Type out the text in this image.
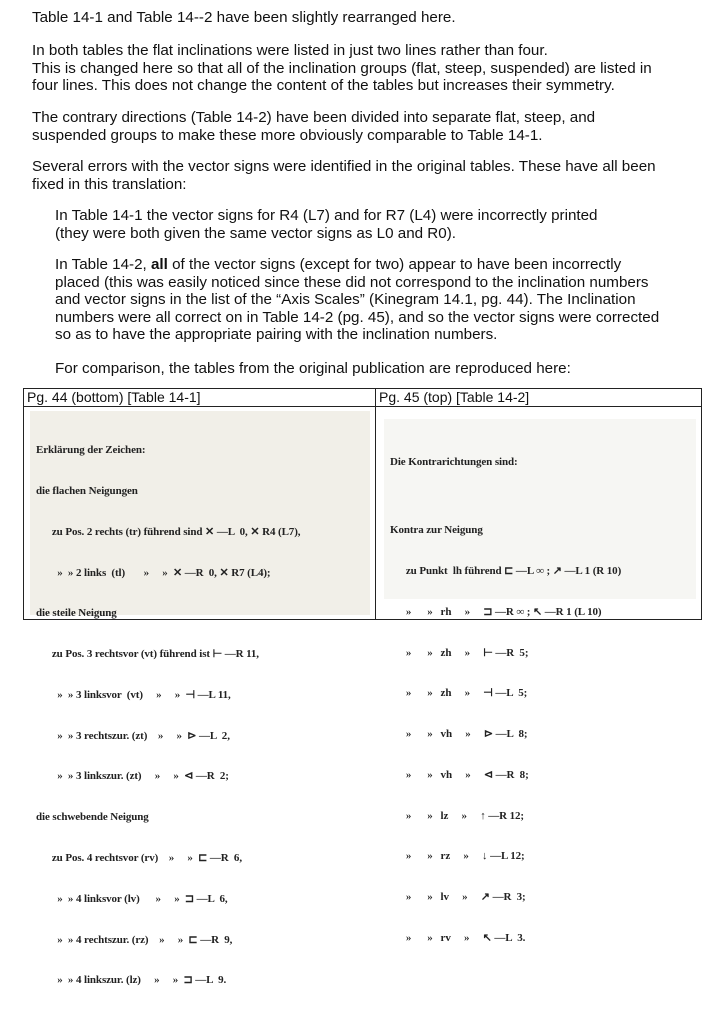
Table 14-1 and Table 14--2 have been slightly rearranged here.
In both tables the flat inclinations were listed in just two lines rather than four.
This is changed here so that all of the inclination groups (flat, steep, suspended) are listed in
four lines. This does not change the content of the tables but increases their symmetry.
The contrary directions (Table 14-2) have been divided into separate flat, steep, and
suspended groups to make these more obviously comparable to Table 14-1.
Several errors with the vector signs were identified in the original tables. These have all been
fixed in this translation:
In Table 14-1 the vector signs for R4 (L7) and for R7 (L4) were incorrectly printed
(they were both given the same vector signs as L0 and R0).
In Table 14-2, all of the vector signs (except for two) appear to have been incorrectly
placed (this was easily noticed since these did not correspond to the inclination numbers
and vector signs in the list of the “Axis Scales” (Kinegram 14.1, pg. 44). The Inclination
numbers were all correct on in Table 14-2 (pg. 45), and so the vector signs were corrected
so as to have the appropriate pairing with the inclination numbers.
For comparison, the tables from the original publication are reproduced here:
Pg. 44 (bottom) [Table 14-1]

Erklärung der Zeichen:

die flachen Neigungen

zu Pos. 2 rechts (tr) führend sind ✕ —L  0, ✕ R4 (L7),

»  » 2 links  (tl)       »     »  ✕ —R  0, ✕ R7 (L4);

die steile Neigung

zu Pos. 3 rechtsvor (vt) führend ist ⊢ —R 11,

»  » 3 linksvor  (vt)     »     »  ⊣ —L 11,

»  » 3 rechtszur. (zt)    »     »  ⊳ —L  2,

»  » 3 linkszur. (zt)     »     »  ⊲ —R  2;

die schwebende Neigung

zu Pos. 4 rechtsvor (rv)    »     »  ⊏ —R  6,

»  » 4 linksvor (lv)      »     »  ⊐ —L  6,

»  » 4 rechtszur. (rz)    »     »  ⊏ —R  9,

»  » 4 linkszur. (lz)     »     »  ⊐ —L  9.

Pg. 45 (top) [Table 14-2]

Die Kontrarichtungen sind:

Kontra zur Neigung

zu Punkt  lh führend ⊏ —L ∞ ; ↗ —L 1 (R 10)

»      »   rh     »     ⊐ —R ∞ ; ↖ —R 1 (L 10)

»      »   zh     »     ⊢ —R  5;

»      »   zh     »     ⊣ —L  5;

»      »   vh     »     ⊳ —L  8;

»      »   vh     »     ⊲ —R  8;

»      »   lz     »     ↑ —R 12;

»      »   rz     »     ↓ —L 12;

»      »   lv     »     ↗ —R  3;

»      »   rv     »     ↖ —L  3.
